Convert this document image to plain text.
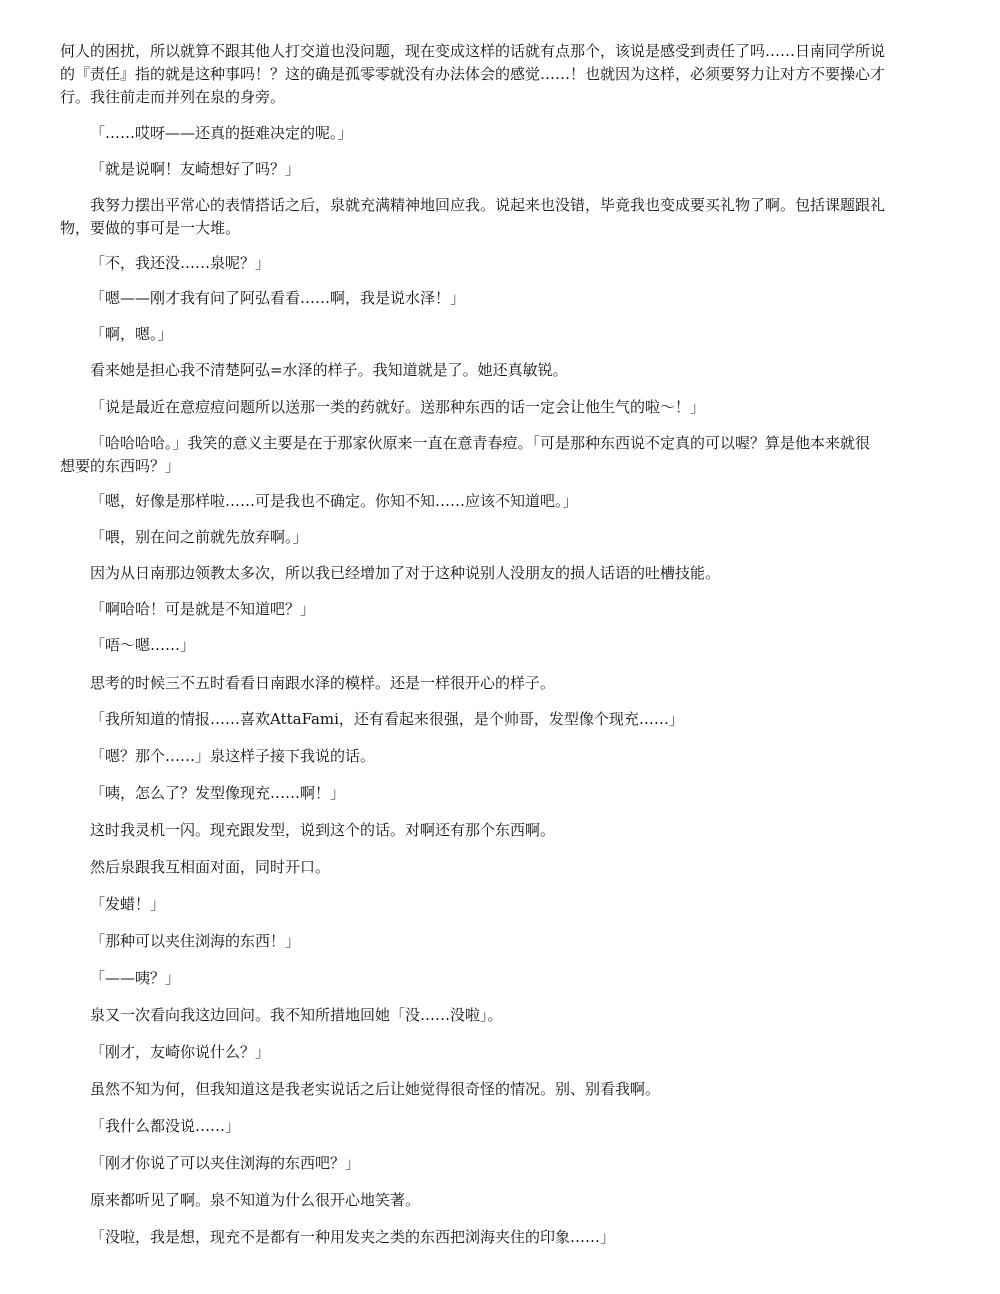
何人的困扰，所以就算不跟其他人打交道也没问题，现在变成这样的话就有点那个，该说是感受到责任了吗……日南同学所说
的『责任』指的就是这种事吗！？这的确是孤零零就没有办法体会的感觉……！也就因为这样，必须要努力让对方不要操心才
行。我往前走而并列在泉的身旁。
「……哎呀——还真的挺难决定的呢。」
「就是说啊！友崎想好了吗？」
我努力摆出平常心的表情搭话之后，泉就充满精神地回应我。说起来也没错，毕竟我也变成要买礼物了啊。包括课题跟礼
物，要做的事可是一大堆。
「不，我还没……泉呢？」
「嗯——刚才我有问了阿弘看看……啊，我是说水泽！」
「啊，嗯。」
看来她是担心我不清楚阿弘=水泽的样子。我知道就是了。她还真敏锐。
「说是最近在意痘痘问题所以送那一类的药就好。送那种东西的话一定会让他生气的啦～！」
「哈哈哈哈。」我笑的意义主要是在于那家伙原来一直在意青春痘。「可是那种东西说不定真的可以喔？算是他本来就很
想要的东西吗？」
「嗯，好像是那样啦……可是我也不确定。你知不知……应该不知道吧。」
「喂，别在问之前就先放弃啊。」
因为从日南那边领教太多次，所以我已经增加了对于这种说别人没朋友的损人话语的吐槽技能。
「啊哈哈！可是就是不知道吧？」
「唔～嗯……」
思考的时候三不五时看看日南跟水泽的模样。还是一样很开心的样子。
「我所知道的情报……喜欢AttaFami，还有看起来很强，是个帅哥，发型像个现充……」
「嗯？那个……」泉这样子接下我说的话。
「咦，怎么了？发型像现充……啊！」
这时我灵机一闪。现充跟发型，说到这个的话。对啊还有那个东西啊。
然后泉跟我互相面对面，同时开口。
「发蜡！」
「那种可以夹住浏海的东西！」
「——咦？」
泉又一次看向我这边回问。我不知所措地回她「没……没啦」。
「刚才，友崎你说什么？」
虽然不知为何，但我知道这是我老实说话之后让她觉得很奇怪的情况。别、别看我啊。
「我什么都没说……」
「刚才你说了可以夹住浏海的东西吧？」
原来都听见了啊。泉不知道为什么很开心地笑著。
「没啦，我是想，现充不是都有一种用发夹之类的东西把浏海夹住的印象……」
